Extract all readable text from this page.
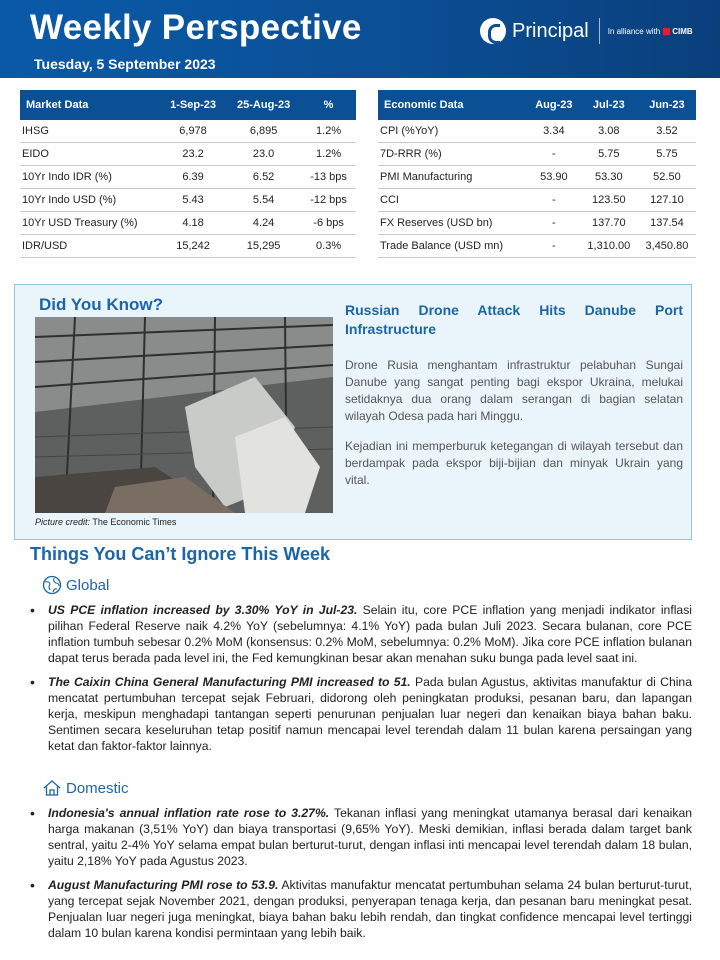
Weekly Perspective
Tuesday, 5 September 2023
Principal In alliance with	CIMB
Market Data	1-Sep-23	25-Aug-23	%
IHSG	6,978	6,895	1.2%
EIDO	23.2	23.0	1.2%
10Yr Indo IDR (%)	6.39	6.52	-13 bps
10Yr Indo USD (%)	5.43	5.54	-12 bps
10Yr USD Treasury (%)	4.18	4.24	-6 bps
IDR/USD	15,242	15,295	0.3%
Economic Data	Aug-23	Jul-23	Jun-23
CPI (%YoY)	3.34	3.08	3.52
7D-RRR (%)	-	5.75	5.75
PMI Manufacturing	53.90	53.30	52.50
CCI	-	123.50	127.10
FX Reserves (USD bn)	-	137.70	137.54
Trade Balance (USD mn)	-	1,310.00	3,450.80
Did You Know?
Picture credit: The Economic Times
Russian Drone Attack Hits Danube Port Infrastructure
Drone Rusia menghantam infrastruktur pelabuhan Sungai Danube yang sangat penting bagi ekspor Ukraina, melukai setidaknya dua orang dalam serangan di bagian selatan wilayah Odesa pada hari Minggu.
Kejadian ini memperburuk ketegangan di wilayah tersebut dan berdampak pada ekspor biji-bijian dan minyak Ukrain yang vital.
Things You Can’t Ignore This Week
Global
• US PCE inflation increased by 3.30% YoY in Jul-23. Selain itu, core PCE inflation yang menjadi indikator inflasi pilihan Federal Reserve naik 4.2% YoY (sebelumnya: 4.1% YoY) pada bulan Juli 2023. Secara bulanan, core PCE inflation tumbuh sebesar 0.2% MoM (konsensus: 0.2% MoM, sebelumnya: 0.2% MoM). Jika core PCE inflation bulanan dapat terus berada pada level ini, the Fed kemungkinan besar akan menahan suku bunga pada level saat ini.
• The Caixin China General Manufacturing PMI increased to 51. Pada bulan Agustus, aktivitas manufaktur di China mencatat pertumbuhan tercepat sejak Februari, didorong oleh peningkatan produksi, pesanan baru, dan lapangan kerja, meskipun menghadapi tantangan seperti penurunan penjualan luar negeri dan kenaikan biaya bahan baku. Sentimen secara keseluruhan tetap positif namun mencapai level terendah dalam 11 bulan karena persaingan yang ketat dan faktor-faktor lainnya.
Domestic
• Indonesia's annual inflation rate rose to 3.27%. Tekanan inflasi yang meningkat utamanya berasal dari kenaikan harga makanan (3,51% YoY) dan biaya transportasi (9,65% YoY). Meski demikian, inflasi berada dalam target bank sentral, yaitu 2-4% YoY selama empat bulan berturut-turut, dengan inflasi inti mencapai level terendah dalam 18 bulan, yaitu 2,18% YoY pada Agustus 2023.
• August Manufacturing PMI rose to 53.9. Aktivitas manufaktur mencatat pertumbuhan selama 24 bulan berturut-turut, yang tercepat sejak November 2021, dengan produksi, penyerapan tenaga kerja, dan pesanan baru meningkat pesat. Penjualan luar negeri juga meningkat, biaya bahan baku lebih rendah, dan tingkat confidence mencapai level tertinggi dalam 10 bulan karena kondisi permintaan yang lebih baik.
